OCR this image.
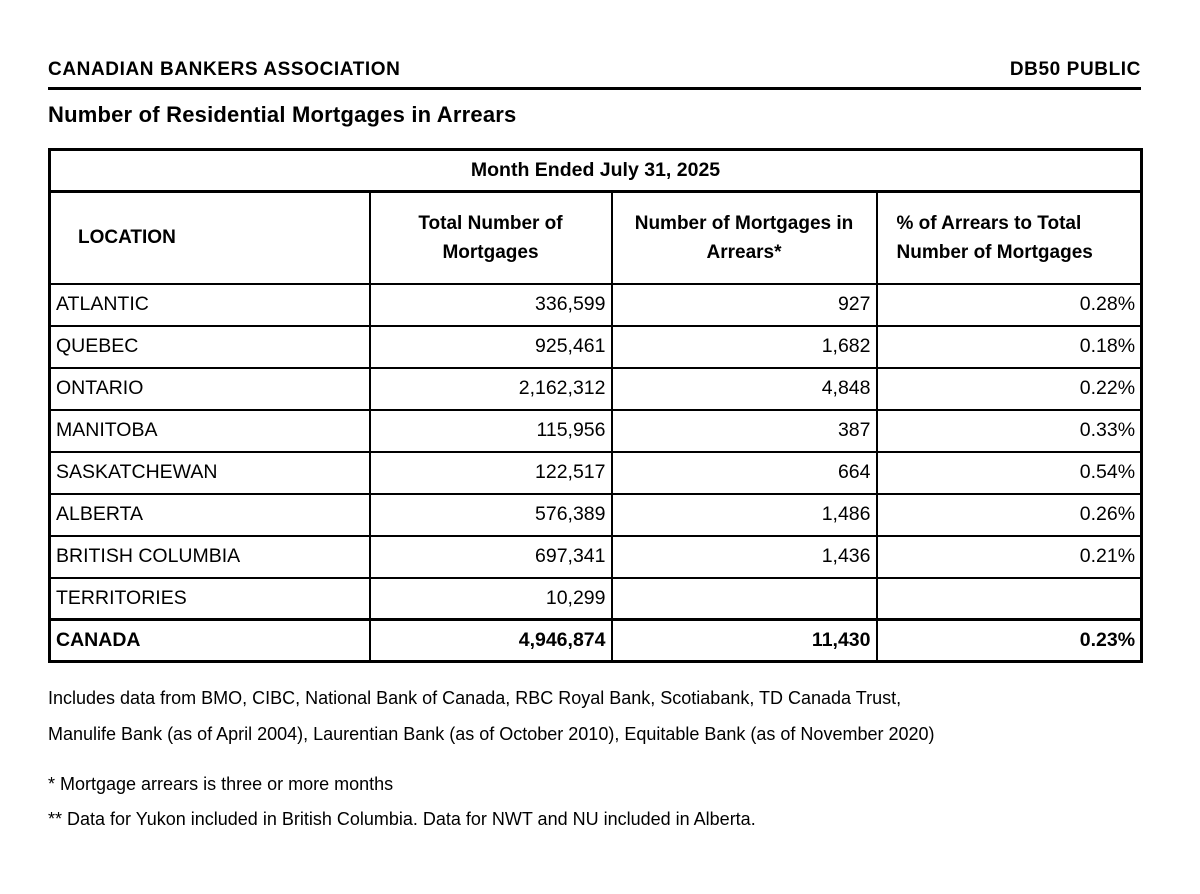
CANADIAN BANKERS ASSOCIATION	DB50 PUBLIC
Number of Residential Mortgages in Arrears
Month Ended July 31, 2025			
LOCATION	Total Number of Mortgages	Number of Mortgages in Arrears*	% of Arrears to Total Number of Mortgages
ATLANTIC	336,599	927	0.28%
QUEBEC	925,461	1,682	0.18%
ONTARIO	2,162,312	4,848	0.22%
MANITOBA	115,956	387	0.33%
SASKATCHEWAN	122,517	664	0.54%
ALBERTA	576,389	1,486	0.26%
BRITISH COLUMBIA	697,341	1,436	0.21%
TERRITORIES	10,299		
CANADA	4,946,874	11,430	0.23%
Includes data from BMO, CIBC, National Bank of Canada, RBC Royal Bank, Scotiabank, TD Canada Trust,
Manulife Bank (as of April 2004), Laurentian Bank (as of October 2010), Equitable Bank (as of November 2020)
* Mortgage arrears is three or more months
** Data for Yukon included in British Columbia. Data for NWT and NU included in Alberta.
